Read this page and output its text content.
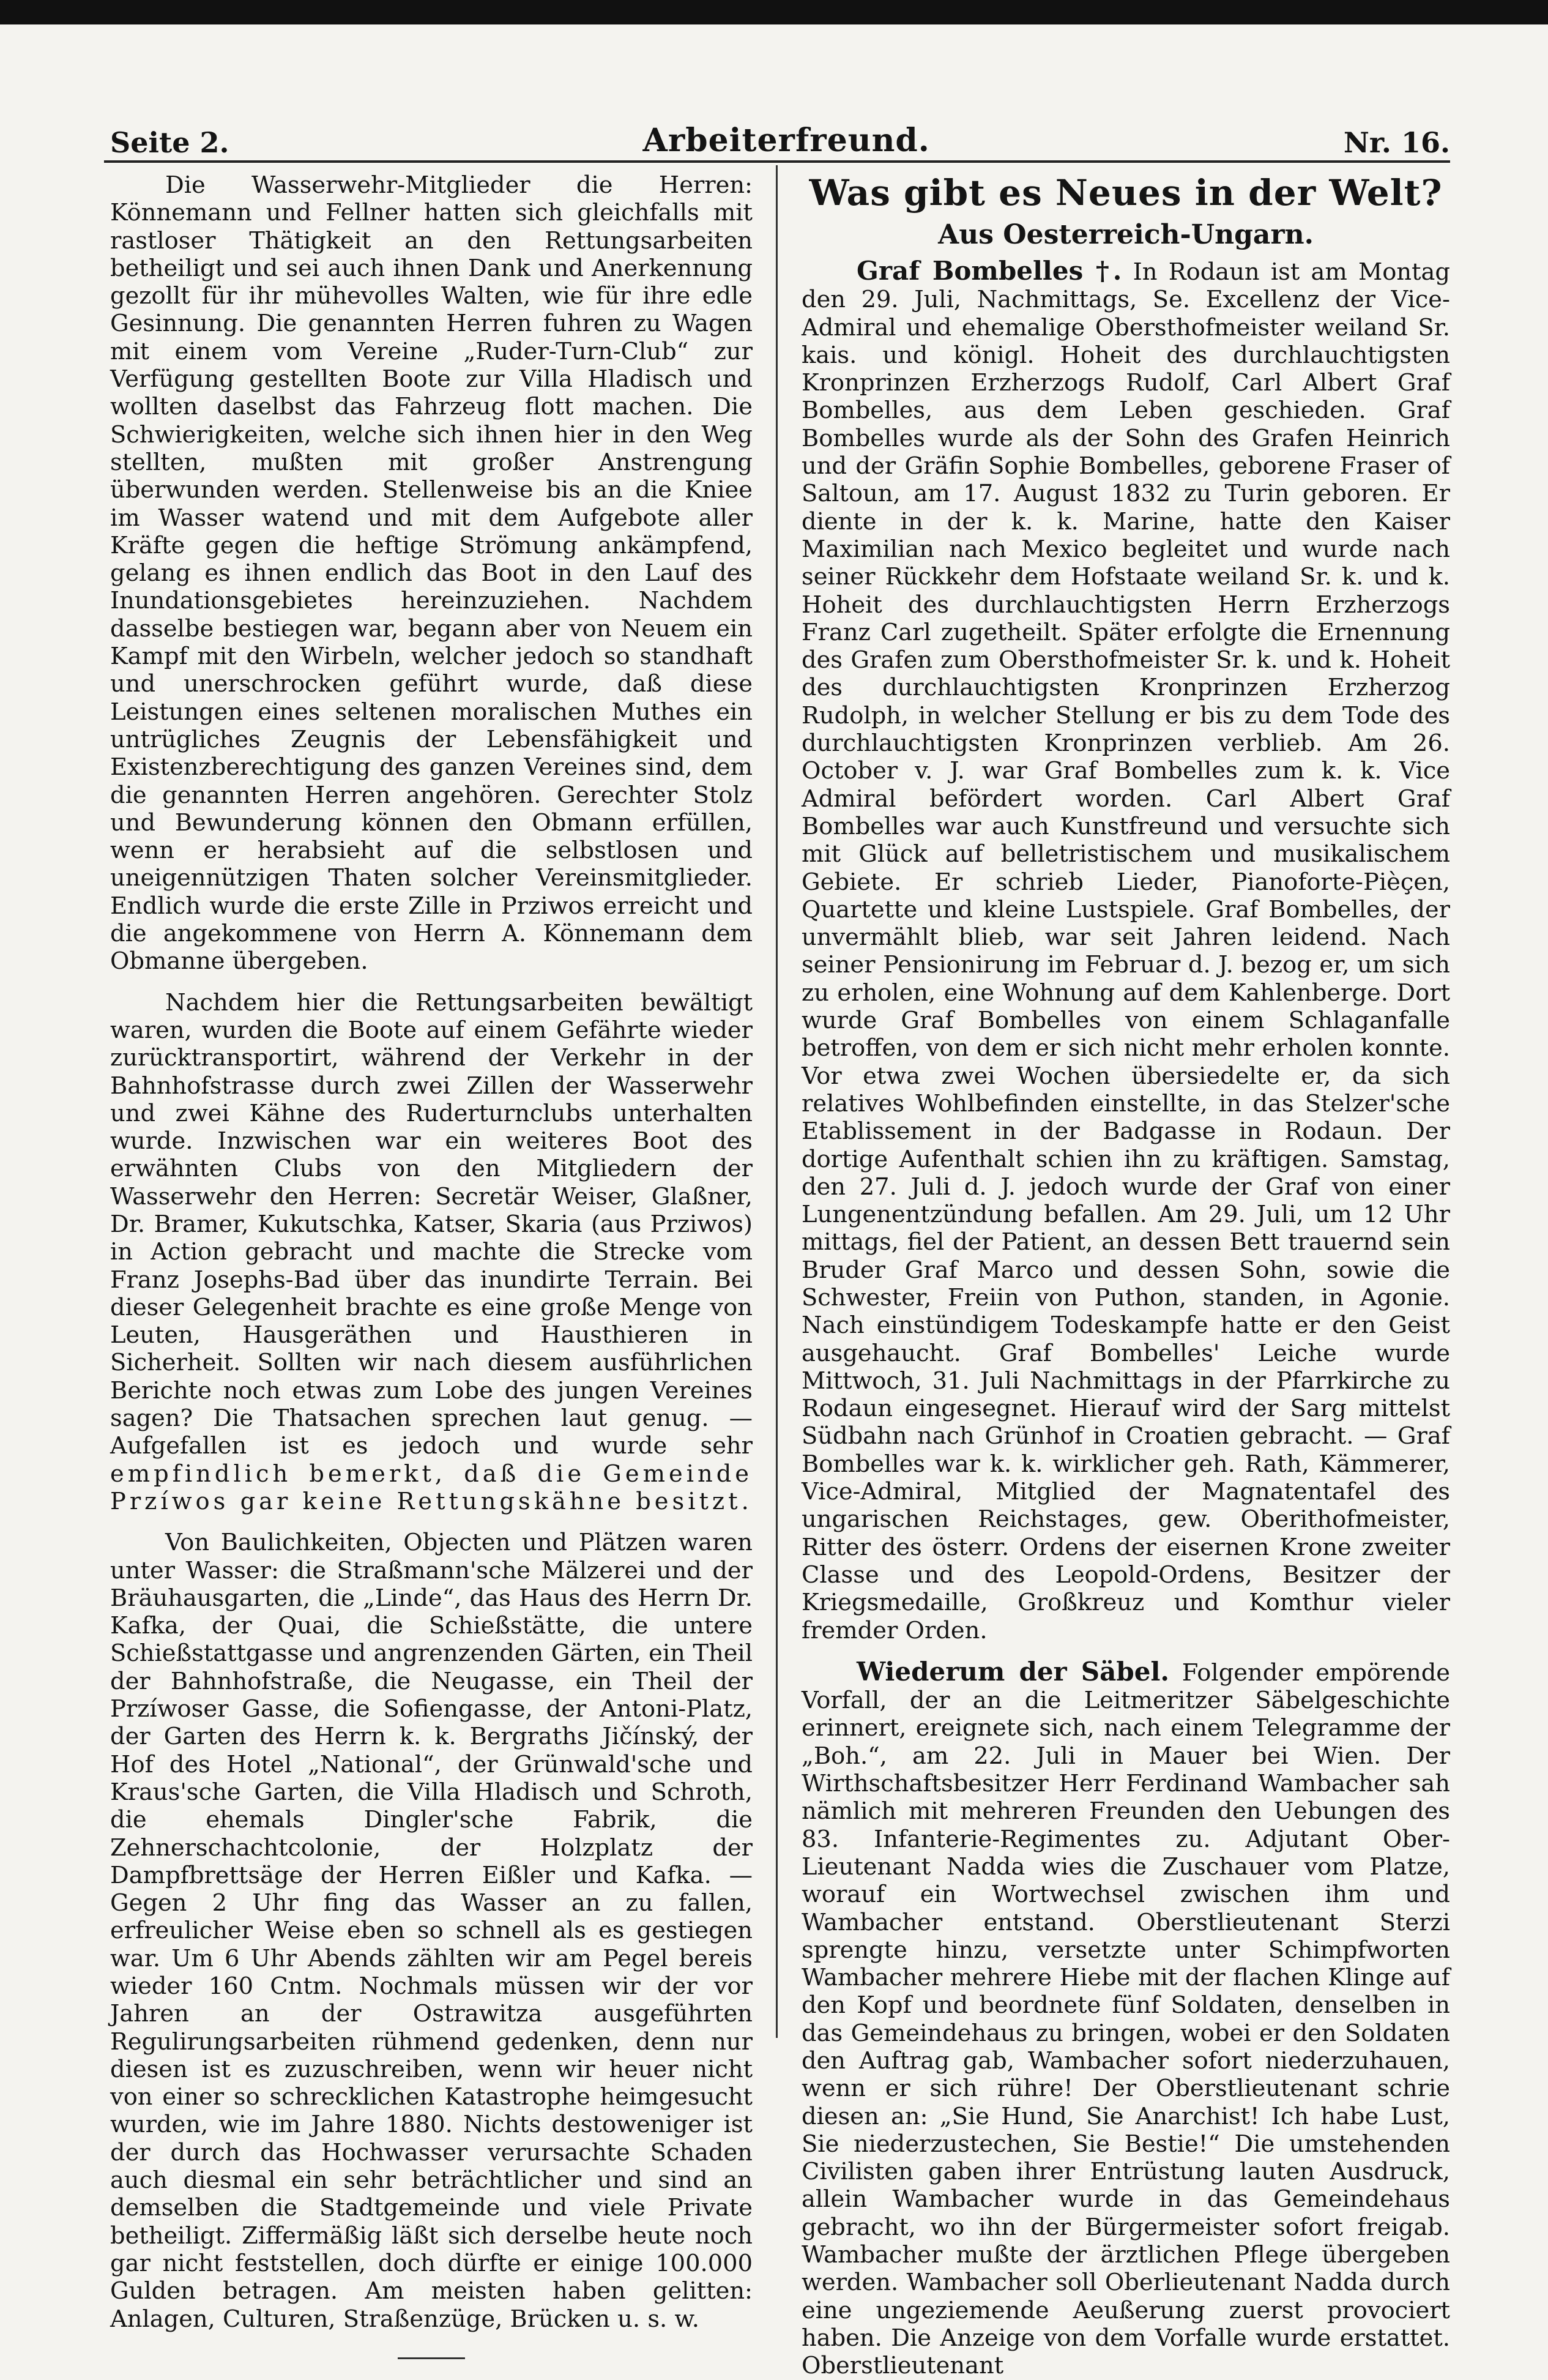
Seite 2.	Arbeiterfreund.	Nr. 16.

Die Wasserwehr-Mitglieder die Herren: Könnemann und Fellner hatten sich gleichfalls mit rastloser Thätigkeit an den Rettungsarbeiten betheiligt und sei auch ihnen Dank und Anerkennung gezollt für ihr mühevolles Walten, wie für ihre edle Gesinnung. Die genannten Herren fuhren zu Wagen mit einem vom Vereine „Ruder-Turn-Club“ zur Verfügung gestellten Boote zur Villa Hladisch und wollten daselbst das Fahrzeug flott machen. Die Schwierigkeiten, welche sich ihnen hier in den Weg stellten, mußten mit großer Anstrengung überwunden werden. Stellenweise bis an die Kniee im Wasser watend und mit dem Aufgebote aller Kräfte gegen die heftige Strömung ankämpfend, gelang es ihnen endlich das Boot in den Lauf des Inundationsgebietes hereinzuziehen. Nachdem dasselbe bestiegen war, begann aber von Neuem ein Kampf mit den Wirbeln, welcher jedoch so standhaft und unerschrocken geführt wurde, daß diese Leistungen eines seltenen moralischen Muthes ein untrügliches Zeugnis der Lebensfähigkeit und Existenzberechtigung des ganzen Vereines sind, dem die genannten Herren angehören. Gerechter Stolz und Bewunderung können den Obmann erfüllen, wenn er herabsieht auf die selbstlosen und uneigennützigen Thaten solcher Vereinsmitglieder. Endlich wurde die erste Zille in Prziwos erreicht und die angekommene von Herrn A. Könnemann dem Obmanne übergeben.

Nachdem hier die Rettungsarbeiten bewältigt waren, wurden die Boote auf einem Gefährte wieder zurücktransportirt, während der Verkehr in der Bahnhofstrasse durch zwei Zillen der Wasserwehr und zwei Kähne des Ruderturnclubs unterhalten wurde. Inzwischen war ein weiteres Boot des erwähnten Clubs von den Mitgliedern der Wasserwehr den Herren: Secretär Weiser, Glaßner, Dr. Bramer, Kukutschka, Katser, Skaria (aus Prziwos) in Action gebracht und machte die Strecke vom Franz Josephs-Bad über das inundirte Terrain. Bei dieser Gelegenheit brachte es eine große Menge von Leuten, Hausgeräthen und Hausthieren in Sicherheit. Sollten wir nach diesem ausführlichen Berichte noch etwas zum Lobe des jungen Vereines sagen? Die Thatsachen sprechen laut genug. — Aufgefallen ist es jedoch und wurde sehr empfindlich bemerkt, daß die Gemeinde Przíwos gar keine Rettungskähne besitzt.

Von Baulichkeiten, Objecten und Plätzen waren unter Wasser: die Straßmann'sche Mälzerei und der Bräuhausgarten, die „Linde“, das Haus des Herrn Dr. Kafka, der Quai, die Schießstätte, die untere Schießstattgasse und angrenzenden Gärten, ein Theil der Bahnhofstraße, die Neugasse, ein Theil der Przíwoser Gasse, die Sofiengasse, der Antoni-Platz, der Garten des Herrn k. k. Bergraths Jičínský, der Hof des Hotel „National“, der Grünwald'sche und Kraus'sche Garten, die Villa Hladisch und Schroth, die ehemals Dingler'sche Fabrik, die Zehnerschachtcolonie, der Holzplatz der Dampfbrettsäge der Herren Eißler und Kafka. — Gegen 2 Uhr fing das Wasser an zu fallen, erfreulicher Weise eben so schnell als es gestiegen war. Um 6 Uhr Abends zählten wir am Pegel bereis wieder 160 Cntm. Nochmals müssen wir der vor Jahren an der Ostrawitza ausgeführten Regulirungsarbeiten rühmend gedenken, denn nur diesen ist es zuzuschreiben, wenn wir heuer nicht von einer so schrecklichen Katastrophe heimgesucht wurden, wie im Jahre 1880. Nichts destoweniger ist der durch das Hochwasser verursachte Schaden auch diesmal ein sehr beträchtlicher und sind an demselben die Stadtgemeinde und viele Private betheiligt. Ziffermäßig läßt sich derselbe heute noch gar nicht feststellen, doch dürfte er einige 100.000 Gulden betragen. Am meisten haben gelitten: Anlagen, Culturen, Straßenzüge, Brücken u. s. w.

Was gibt es Neues in der Welt?
Aus Oesterreich-Ungarn.

Graf Bombelles †. In Rodaun ist am Montag den 29. Juli, Nachmittags, Se. Excellenz der Vice-Admiral und ehemalige Obersthofmeister weiland Sr. kais. und königl. Hoheit des durchlauchtigsten Kronprinzen Erzherzogs Rudolf, Carl Albert Graf Bombelles, aus dem Leben geschieden. Graf Bombelles wurde als der Sohn des Grafen Heinrich und der Gräfin Sophie Bombelles, geborene Fraser of Saltoun, am 17. August 1832 zu Turin geboren. Er diente in der k. k. Marine, hatte den Kaiser Maximilian nach Mexico begleitet und wurde nach seiner Rückkehr dem Hofstaate weiland Sr. k. und k. Hoheit des durchlauchtigsten Herrn Erzherzogs Franz Carl zugetheilt. Später erfolgte die Ernennung des Grafen zum Obersthofmeister Sr. k. und k. Hoheit des durchlauchtigsten Kronprinzen Erzherzog Rudolph, in welcher Stellung er bis zu dem Tode des durchlauchtigsten Kronprinzen verblieb. Am 26. October v. J. war Graf Bombelles zum k. k. Vice Admiral befördert worden. Carl Albert Graf Bombelles war auch Kunstfreund und versuchte sich mit Glück auf belletristischem und musikalischem Gebiete. Er schrieb Lieder, Pianoforte-Pièçen, Quartette und kleine Lustspiele. Graf Bombelles, der unvermählt blieb, war seit Jahren leidend. Nach seiner Pensionirung im Februar d. J. bezog er, um sich zu erholen, eine Wohnung auf dem Kahlenberge. Dort wurde Graf Bombelles von einem Schlaganfalle betroffen, von dem er sich nicht mehr erholen konnte. Vor etwa zwei Wochen übersiedelte er, da sich relatives Wohlbefinden einstellte, in das Stelzer'sche Etablissement in der Badgasse in Rodaun. Der dortige Aufenthalt schien ihn zu kräftigen. Samstag, den 27. Juli d. J. jedoch wurde der Graf von einer Lungenentzündung befallen. Am 29. Juli, um 12 Uhr mittags, fiel der Patient, an dessen Bett trauernd sein Bruder Graf Marco und dessen Sohn, sowie die Schwester, Freiin von Puthon, standen, in Agonie. Nach einstündigem Todeskampfe hatte er den Geist ausgehaucht. Graf Bombelles' Leiche wurde Mittwoch, 31. Juli Nachmittags in der Pfarrkirche zu Rodaun eingesegnet. Hierauf wird der Sarg mittelst Südbahn nach Grünhof in Croatien gebracht. — Graf Bombelles war k. k. wirklicher geh. Rath, Kämmerer, Vice-Admiral, Mitglied der Magnatentafel des ungarischen Reichstages, gew. Oberithofmeister, Ritter des österr. Ordens der eisernen Krone zweiter Classe und des Leopold-Ordens, Besitzer der Kriegsmedaille, Großkreuz und Komthur vieler fremder Orden.

Wiederum der Säbel. Folgender empörende Vorfall, der an die Leitmeritzer Säbelgeschichte erinnert, ereignete sich, nach einem Telegramme der „Boh.“, am 22. Juli in Mauer bei Wien. Der Wirthschaftsbesitzer Herr Ferdinand Wambacher sah nämlich mit mehreren Freunden den Uebungen des 83. Infanterie-Regimentes zu. Adjutant Ober-Lieutenant Nadda wies die Zuschauer vom Platze, worauf ein Wortwechsel zwischen ihm und Wambacher entstand. Oberstlieutenant Sterzi sprengte hinzu, versetzte unter Schimpfworten Wambacher mehrere Hiebe mit der flachen Klinge auf den Kopf und beordnete fünf Soldaten, denselben in das Gemeindehaus zu bringen, wobei er den Soldaten den Auftrag gab, Wambacher sofort niederzuhauen, wenn er sich rühre! Der Oberstlieutenant schrie diesen an: „Sie Hund, Sie Anarchist! Ich habe Lust, Sie niederzustechen, Sie Bestie!“ Die umstehenden Civilisten gaben ihrer Entrüstung lauten Ausdruck, allein Wambacher wurde in das Gemeindehaus gebracht, wo ihn der Bürgermeister sofort freigab. Wambacher mußte der ärztlichen Pflege übergeben werden. Wambacher soll Oberlieutenant Nadda durch eine ungeziemende Aeußerung zuerst provociert haben. Die Anzeige von dem Vorfalle wurde erstattet. Oberstlieutenant
